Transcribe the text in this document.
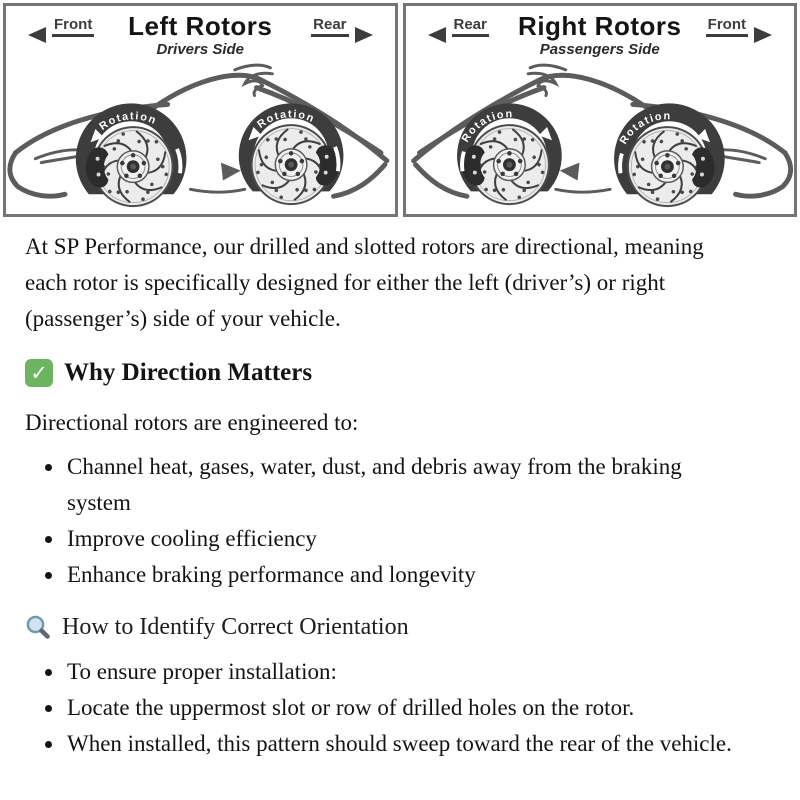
Front Left Rotors
Drivers Side
Rear	Rear Right Rotors
Passengers Side
Front

At SP Performance, our drilled and slotted rotors are directional, meaning each rotor is specifically designed for either the left (driver’s) or right (passenger’s) side of your vehicle.

✓ Why Direction Matters

Directional rotors are engineered to:

• Channel heat, gases, water, dust, and debris away from the braking system
• Improve cooling efficiency
• Enhance braking performance and longevity
How to Identify Correct Orientation
• To ensure proper installation:
• Locate the uppermost slot or row of drilled holes on the rotor.
• When installed, this pattern should sweep toward the rear of the vehicle.
